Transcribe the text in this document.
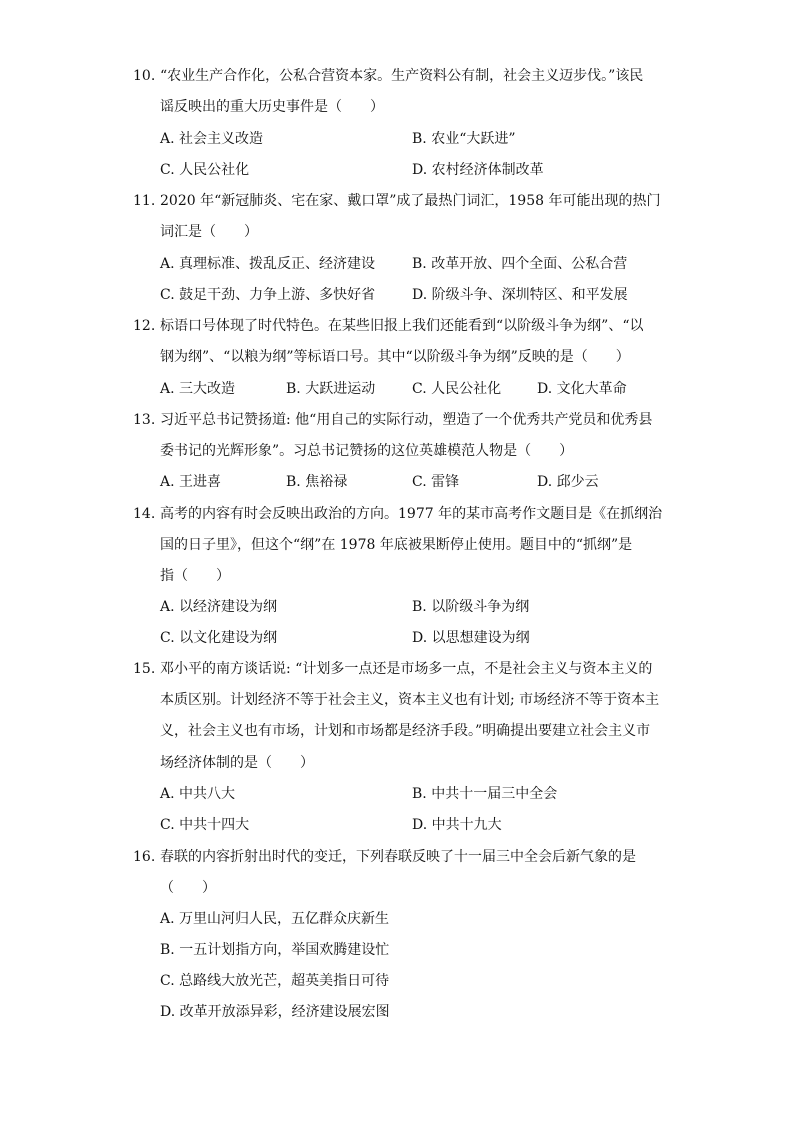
10. “农业生产合作化，公私合营资本家。生产资料公有制，社会主义迈步伐。”该民
谣反映出的重大历史事件是（　　）
A. 社会主义改造	B. 农业“大跃进”
C. 人民公社化	D. 农村经济体制改革
11. 2020 年“新冠肺炎、宅在家、戴口罩”成了最热门词汇，1958 年可能出现的热门
词汇是（　　）
A. 真理标准、拨乱反正、经济建设	B. 改革开放、四个全面、公私合营
C. 鼓足干劲、力争上游、多快好省	D. 阶级斗争、深圳特区、和平发展
12. 标语口号体现了时代特色。在某些旧报上我们还能看到“以阶级斗争为纲”、“以
钢为纲”、“以粮为纲”等标语口号。其中“以阶级斗争为纲”反映的是（　　）
A. 三大改造	B. 大跃进运动	C. 人民公社化	D. 文化大革命
13. 习近平总书记赞扬道: 他“用自己的实际行动，塑造了一个优秀共产党员和优秀县
委书记的光辉形象”。习总书记赞扬的这位英雄模范人物是（　　）
A. 王进喜	B. 焦裕禄	C. 雷锋	D. 邱少云
14. 高考的内容有时会反映出政治的方向。1977 年的某市高考作文题目是《在抓纲治
国的日子里》，但这个“纲”在 1978 年底被果断停止使用。题目中的“抓纲”是
指（　　）
A. 以经济建设为纲	B. 以阶级斗争为纲
C. 以文化建设为纲	D. 以思想建设为纲
15. 邓小平的南方谈话说: “计划多一点还是市场多一点，不是社会主义与资本主义的
本质区别。计划经济不等于社会主义，资本主义也有计划; 市场经济不等于资本主
义，社会主义也有市场，计划和市场都是经济手段。”明确提出要建立社会主义市
场经济体制的是（　　）
A. 中共八大	B. 中共十一届三中全会
C. 中共十四大	D. 中共十九大
16. 春联的内容折射出时代的变迁，下列春联反映了十一届三中全会后新气象的是
（　　）
A. 万里山河归人民，五亿群众庆新生
B. 一五计划指方向，举国欢腾建设忙
C. 总路线大放光芒，超英美指日可待
D. 改革开放添异彩，经济建设展宏图
